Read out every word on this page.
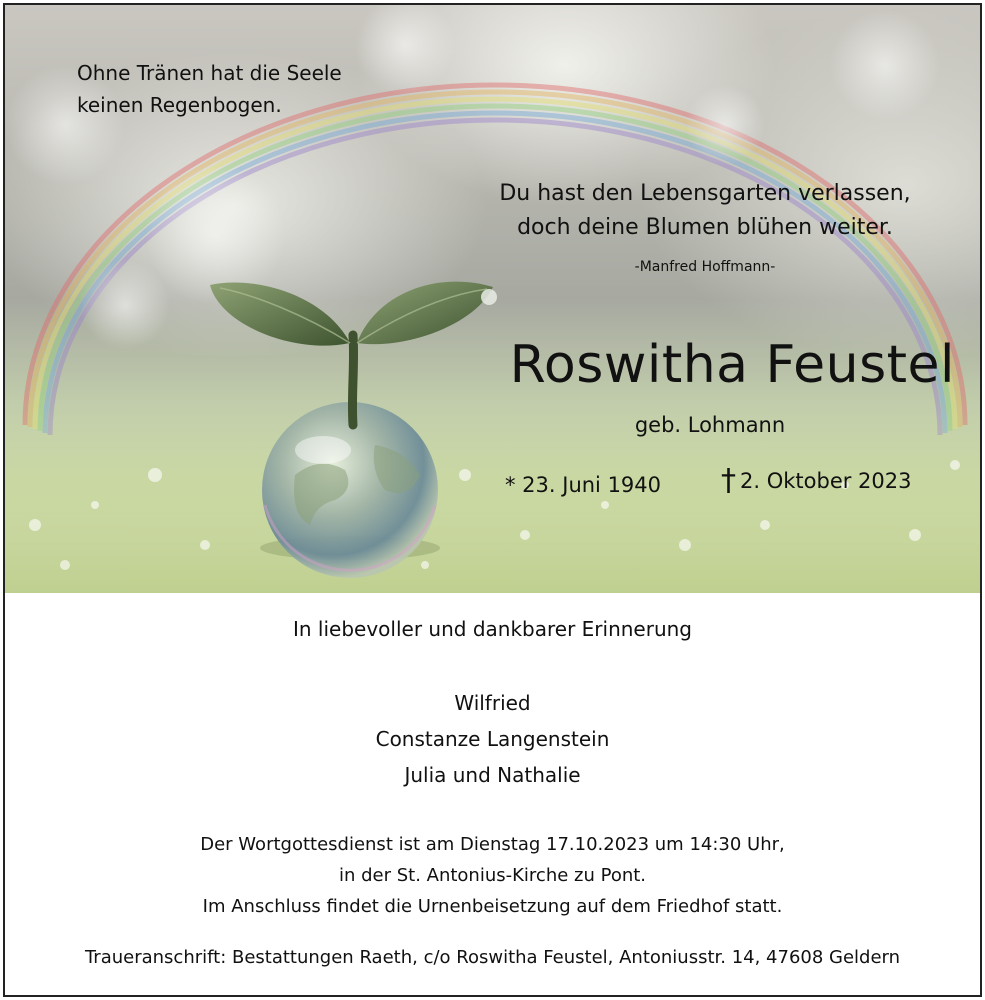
Ohne Tränen hat die Seele
keinen Regenbogen.
Du hast den Lebensgarten verlassen,
doch deine Blumen blühen weiter.
-Manfred Hoffmann-
Roswitha Feustel
geb. Lohmann
* 23. Juni 1940 † 2. Oktober 2023
In liebevoller und dankbarer Erinnerung
Wilfried
Constanze Langenstein
Julia und Nathalie
Der Wortgottesdienst ist am Dienstag 17.10.2023 um 14:30 Uhr,
in der St. Antonius-Kirche zu Pont.
Im Anschluss findet die Urnenbeisetzung auf dem Friedhof statt.
Traueranschrift: Bestattungen Raeth, c/o Roswitha Feustel, Antoniusstr. 14, 47608 Geldern
